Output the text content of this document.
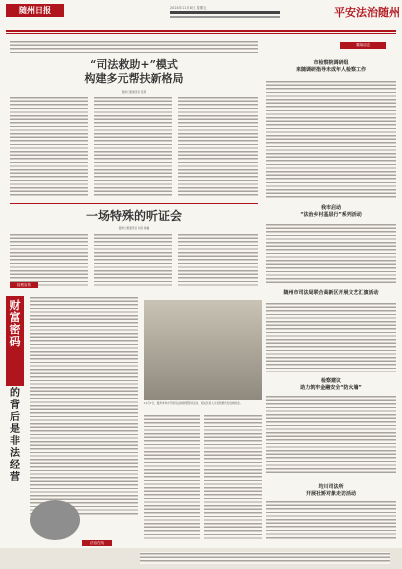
随州日报	2024年11月8日 星期五	平安法治随州
“司法救助+”模式
构建多元帮扶新格局
随州日报通讯员 张莉
一场特殊的听证会
随州日报通讯员 刘丹 徐鑫
检察宣传
财富密码
的背后是非法经营
法治在线
11月7日，随州市举办开展司法救助暨帮扶活动，相关负责人为受助群众发放救助金。
要闻动态
市检察院调研组
来随调研指导未成年人检察工作
我市启动
“法治乡村基层行”系列活动
随州市司法局联合高新区开展文艺汇演活动
检察建议
助力筑牢金融安全“防火墙”
均川司法所
开展社矫对象走访活动
